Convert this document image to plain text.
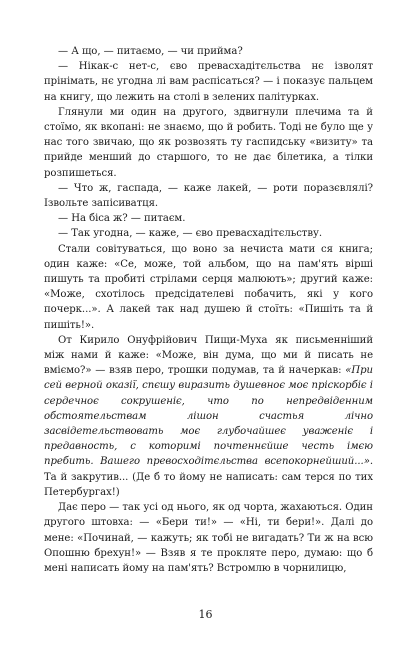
— А що, — питаємо, — чи прийма?

— Нікак-с нет-с, єво превасхадітєльства нє ізволят прінімать, нє угодна лі вам распісаться? — і показує пальцем на книгу, що лежить на столі в зелених палітурках.

Глянули ми один на другого, здвигнули плечима та й стоїмо, як вкопані: не знаємо, що й робить. Тоді не було ще у нас того звичаю, що як розвозять ту гаспидську «визиту» та прийде менший до старшого, то не дає білетика, а тілки розпишеться.

— Что ж, гаспада, — каже лакей, — роти поразєвлялі? Ізвольте запісиватця.

— На біса ж? — питаєм.

— Так угодна, — каже, — єво превасхадітєльству.

Стали совітуваться, що воно за нечиста мати ся книга; один каже: «Се, може, той альбом, що на пам'ять вірші пишуть та пробиті стрілами серця малюють»; другий каже: «Може, схотілось предсідателеві побачить, які у кого почерк...». А лакей так над душею й стоїть: «Пишіть та й пишіть!».

От Кирило Онуфрійович Пищи-Муха як письменніший між нами й каже: «Може, він дума, що ми й писать не вміємо?» — взяв перо, трошки подумав, та й начеркав: «При сей верной оказії, спєшу виразить душевноє моє пріскорбіє і сердечноє сокрушеніє, что по непредвіденним обстоятельствам лішон счастья лічно засвідетельствовать моє глубочайшеє уваженіє і предавность, с которимі почтеннєйше честь імєю пребить. Вашего превосходітєльства всепокорнейший...». Та й закрутив... (Де б то йому не написать: сам терся по тих Петербургах!)

Дає перо — так усі од нього, як од чорта, жахаються. Один другого штовха: — «Бери ти!» — «Ні, ти бери!». Далі до мене: «Починай, — кажуть; як тобі не вигадать? Ти ж на всю Опошню брехун!» — Взяв я те прокляте перо, думаю: що б мені написать йому на пам'ять? Встромлю в чорнилицю,

16
